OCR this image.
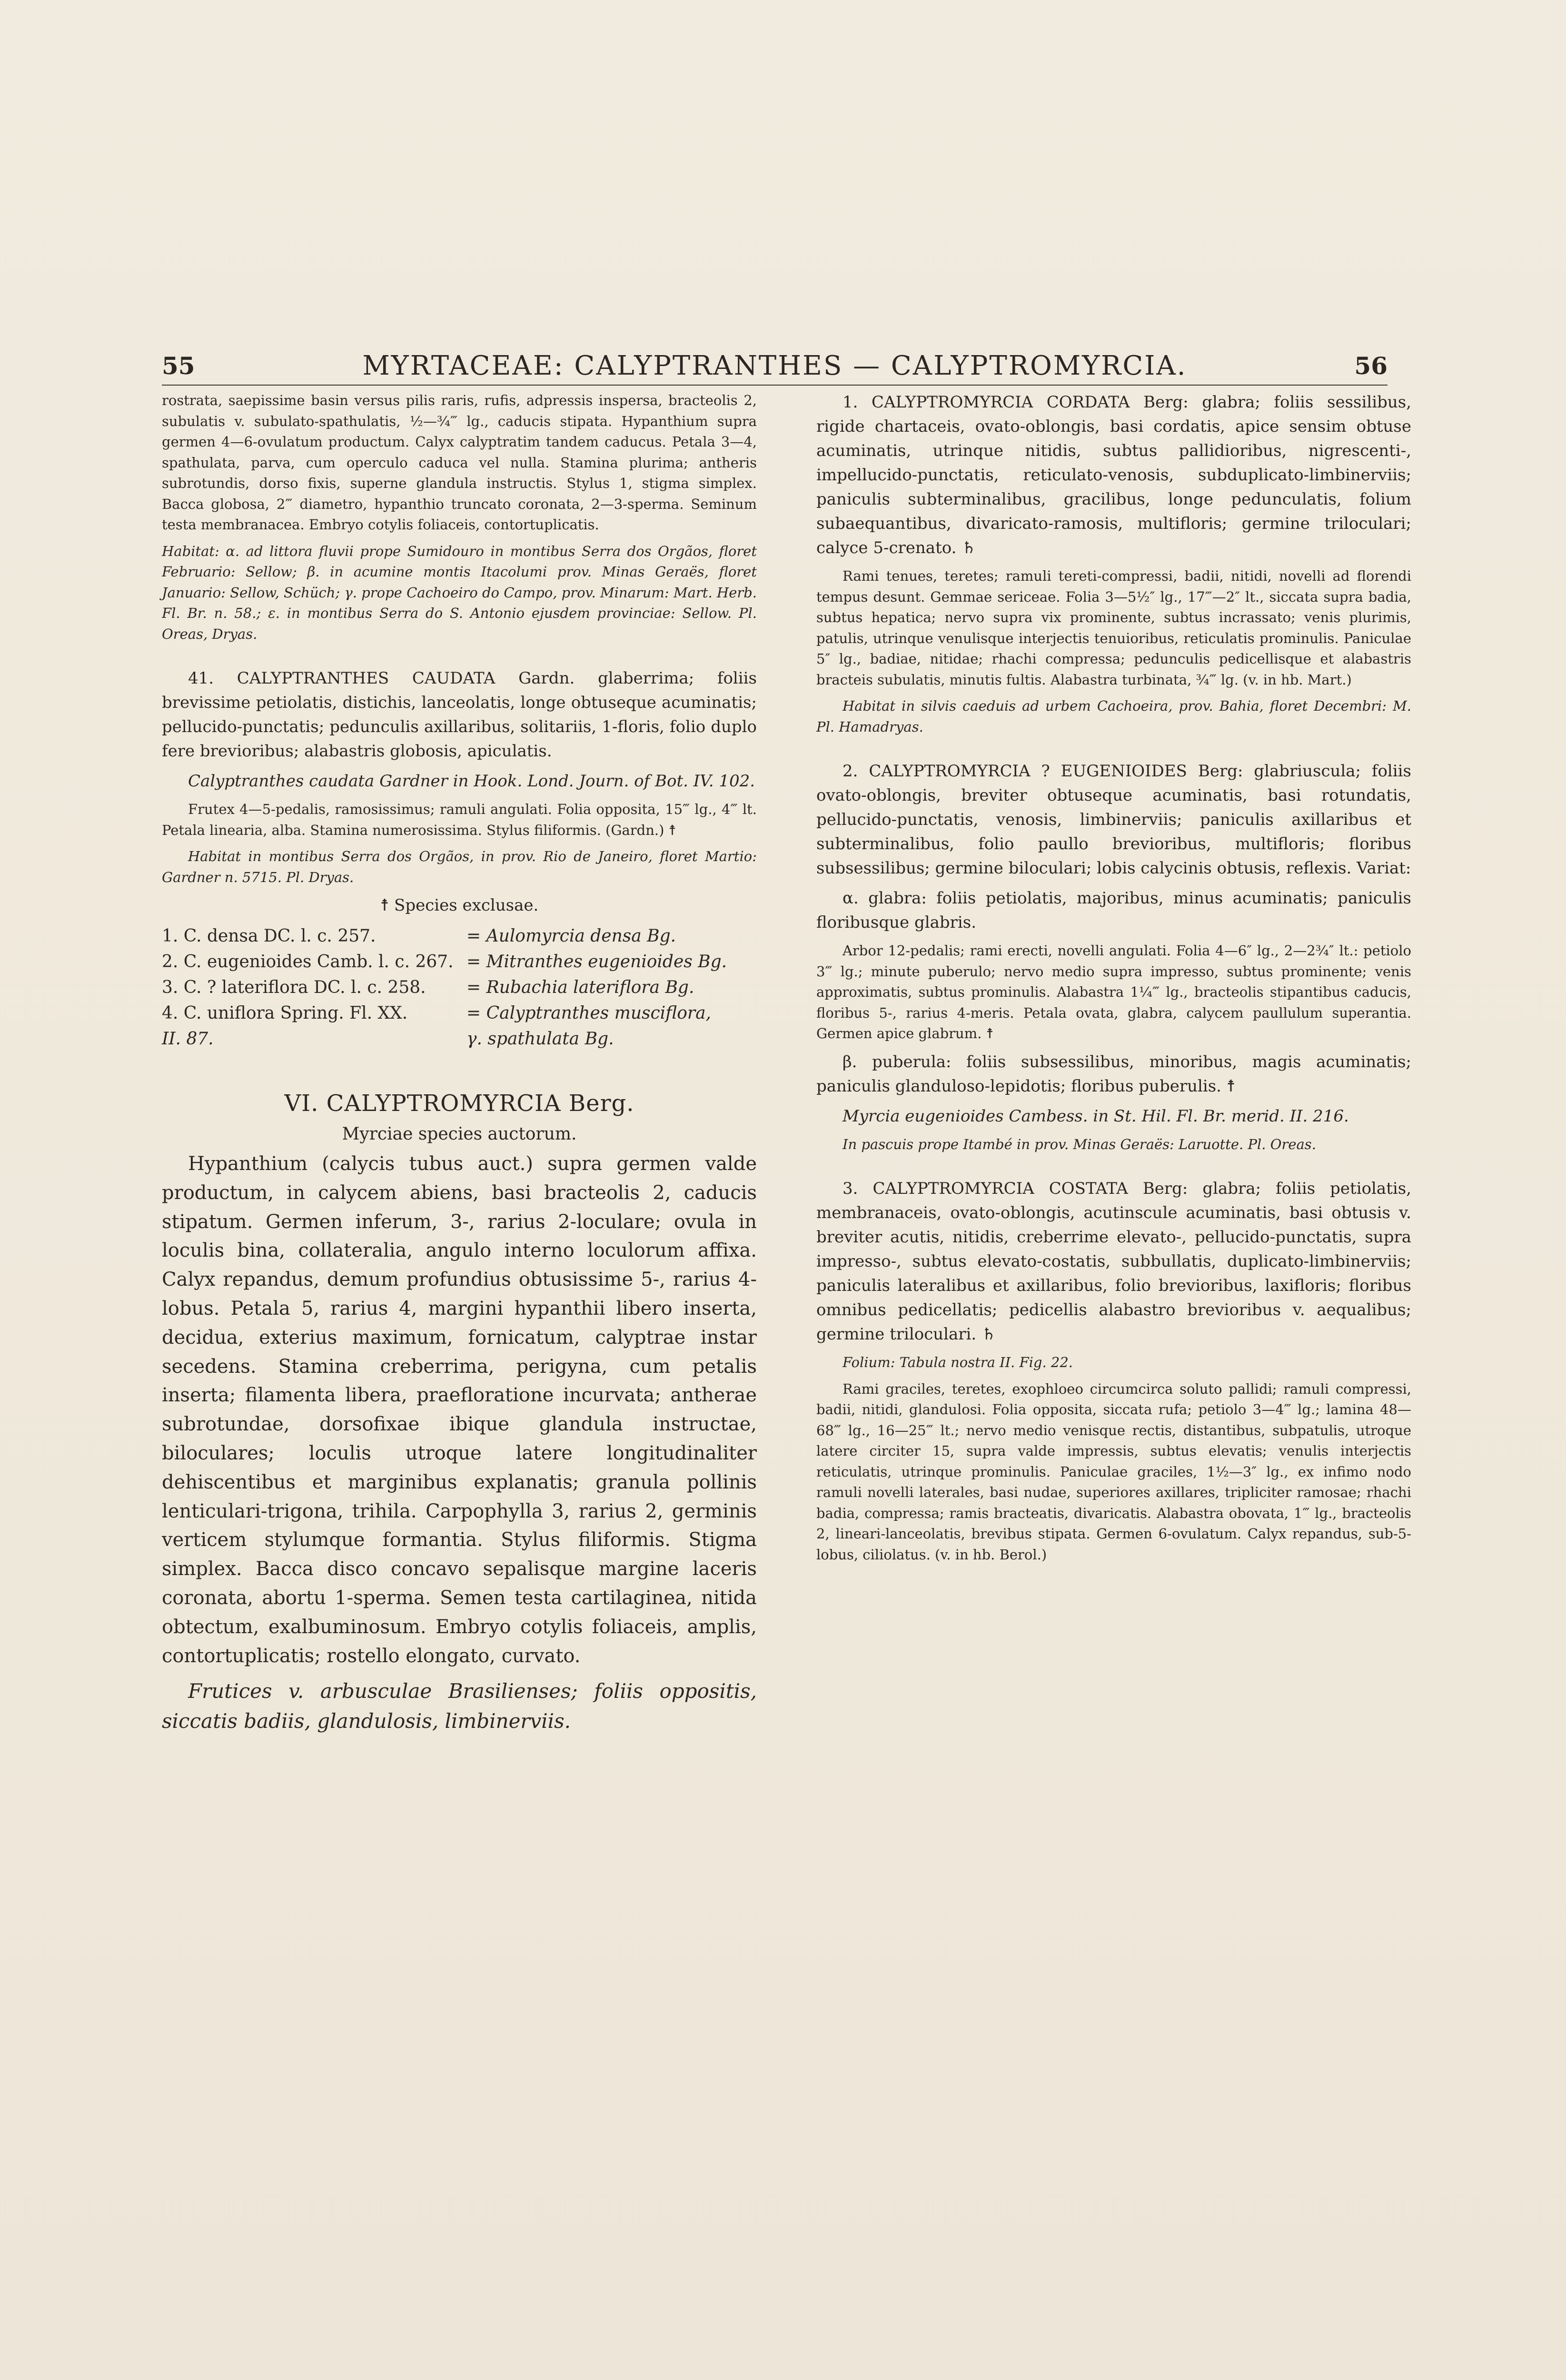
55	MYRTACEAE: CALYPTRANTHES — CALYPTROMYRCIA.	56

rostrata, saepissime basin versus pilis raris, rufis, adpressis inspersa, bracteolis 2, subulatis v. subulato-spathulatis, ½—¾‴ lg., caducis stipata. Hypanthium supra germen 4—6-ovulatum productum. Calyx calyptratim tandem caducus. Petala 3—4, spathulata, parva, cum operculo caduca vel nulla. Stamina plurima; antheris subrotundis, dorso fixis, superne glandula instructis. Stylus 1, stigma simplex. Bacca globosa, 2‴ diametro, hypanthio truncato coronata, 2—3-sperma. Seminum testa membranacea. Embryo cotylis foliaceis, contortuplicatis.

Habitat: α. ad littora fluvii prope Sumidouro in montibus Serra dos Orgãos, floret Februario: Sellow; β. in acumine montis Itacolumi prov. Minas Geraës, floret Januario: Sellow, Schüch; γ. prope Cachoeiro do Campo, prov. Minarum: Mart. Herb. Fl. Br. n. 58.; ε. in montibus Serra do S. Antonio ejusdem provinciae: Sellow. Pl. Oreas, Dryas.

41. CALYPTRANTHES CAUDATA Gardn. glaberrima; foliis brevissime petiolatis, distichis, lanceolatis, longe obtuseque acuminatis; pellucido-punctatis; pedunculis axillaribus, solitariis, 1-floris, folio duplo fere brevioribus; alabastris globosis, apiculatis.

Calyptranthes caudata Gardner in Hook. Lond. Journ. of Bot. IV. 102.

Frutex 4—5-pedalis, ramosissimus; ramuli angulati. Folia opposita, 15‴ lg., 4‴ lt. Petala linearia, alba. Stamina numerosissima. Stylus filiformis. (Gardn.) ☨

Habitat in montibus Serra dos Orgãos, in prov. Rio de Janeiro, floret Martio: Gardner n. 5715. Pl. Dryas.

☨ Species exclusae.

1. C. densa DC. l. c. 257.	= Aulomyrcia densa Bg.
2. C. eugenioides Camb. l. c. 267. = Mitranthes eugenioides Bg.
3. C. ? lateriflora DC. l. c. 258.	= Rubachia lateriflora Bg.
4. C. uniflora Spring. Fl. XX.	= Calyptranthes musciflora,
II. 87.	γ. spathulata Bg.

VI. CALYPTROMYRCIA Berg.

Myrciae species auctorum.

Hypanthium (calycis tubus auct.) supra germen valde productum, in calycem abiens, basi bracteolis 2, caducis stipatum. Germen inferum, 3-, rarius 2-loculare; ovula in loculis bina, collateralia, angulo interno loculorum affixa. Calyx repandus, demum profundius obtusissime 5-, rarius 4-lobus. Petala 5, rarius 4, margini hypanthii libero inserta, decidua, exterius maximum, fornicatum, calyptrae instar secedens. Stamina creberrima, perigyna, cum petalis inserta; filamenta libera, praefloratione incurvata; antherae subrotundae, dorsofixae ibique glandula instructae, biloculares; loculis utroque latere longitudinaliter dehiscentibus et marginibus explanatis; granula pollinis lenticulari-trigona, trihila. Carpophylla 3, rarius 2, germinis verticem stylumque formantia. Stylus filiformis. Stigma simplex. Bacca disco concavo sepalisque margine laceris coronata, abortu 1-sperma. Semen testa cartilaginea, nitida obtectum, exalbuminosum. Embryo cotylis foliaceis, amplis, contortuplicatis; rostello elongato, curvato.

Frutices v. arbusculae Brasilienses; foliis oppositis, siccatis badiis, glandulosis, limbinerviis.

1. CALYPTROMYRCIA CORDATA Berg: glabra; foliis sessilibus, rigide chartaceis, ovato-oblongis, basi cordatis, apice sensim obtuse acuminatis, utrinque nitidis, subtus pallidioribus, nigrescenti-, impellucido-punctatis, reticulato-venosis, subduplicato-limbinerviis; paniculis subterminalibus, gracilibus, longe pedunculatis, folium subaequantibus, divaricato-ramosis, multifloris; germine triloculari; calyce 5-crenato. ♄

Rami tenues, teretes; ramuli tereti-compressi, badii, nitidi, novelli ad florendi tempus desunt. Gemmae sericeae. Folia 3—5½″ lg., 17‴—2″ lt., siccata supra badia, subtus hepatica; nervo supra vix prominente, subtus incrassato; venis plurimis, patulis, utrinque venulisque interjectis tenuioribus, reticulatis prominulis. Paniculae 5″ lg., badiae, nitidae; rhachi compressa; pedunculis pedicellisque et alabastris bracteis subulatis, minutis fultis. Alabastra turbinata, ¾‴ lg. (v. in hb. Mart.)

Habitat in silvis caeduis ad urbem Cachoeira, prov. Bahia, floret Decembri: M. Pl. Hamadryas.

2. CALYPTROMYRCIA ? EUGENIOIDES Berg: glabriuscula; foliis ovato-oblongis, breviter obtuseque acuminatis, basi rotundatis, pellucido-punctatis, venosis, limbinerviis; paniculis axillaribus et subterminalibus, folio paullo brevioribus, multifloris; floribus subsessilibus; germine biloculari; lobis calycinis obtusis, reflexis. Variat:

α. glabra: foliis petiolatis, majoribus, minus acuminatis; paniculis floribusque glabris.

Arbor 12-pedalis; rami erecti, novelli angulati. Folia 4—6″ lg., 2—2¾″ lt.: petiolo 3‴ lg.; minute puberulo; nervo medio supra impresso, subtus prominente; venis approximatis, subtus prominulis. Alabastra 1¼‴ lg., bracteolis stipantibus caducis, floribus 5-, rarius 4-meris. Petala ovata, glabra, calycem paullulum superantia. Germen apice glabrum. ☨

β. puberula: foliis subsessilibus, minoribus, magis acuminatis; paniculis glanduloso-lepidotis; floribus puberulis. ☨

Myrcia eugenioides Cambess. in St. Hil. Fl. Br. merid. II. 216.

In pascuis prope Itambé in prov. Minas Geraës: Laruotte. Pl. Oreas.

3. CALYPTROMYRCIA COSTATA Berg: glabra; foliis petiolatis, membranaceis, ovato-oblongis, acutinscule acuminatis, basi obtusis v. breviter acutis, nitidis, creberrime elevato-, pellucido-punctatis, supra impresso-, subtus elevato-costatis, subbullatis, duplicato-limbinerviis; paniculis lateralibus et axillaribus, folio brevioribus, laxifloris; floribus omnibus pedicellatis; pedicellis alabastro brevioribus v. aequalibus; germine triloculari. ♄

Folium: Tabula nostra II. Fig. 22.

Rami graciles, teretes, exophloeo circumcirca soluto pallidi; ramuli compressi, badii, nitidi, glandulosi. Folia opposita, siccata rufa; petiolo 3—4‴ lg.; lamina 48—68‴ lg., 16—25‴ lt.; nervo medio venisque rectis, distantibus, subpatulis, utroque latere circiter 15, supra valde impressis, subtus elevatis; venulis interjectis reticulatis, utrinque prominulis. Paniculae graciles, 1½—3″ lg., ex infimo nodo ramuli novelli laterales, basi nudae, superiores axillares, tripliciter ramosae; rhachi badia, compressa; ramis bracteatis, divaricatis. Alabastra obovata, 1‴ lg., bracteolis 2, lineari-lanceolatis, brevibus stipata. Germen 6-ovulatum. Calyx repandus, sub-5-lobus, ciliolatus. (v. in hb. Berol.)
